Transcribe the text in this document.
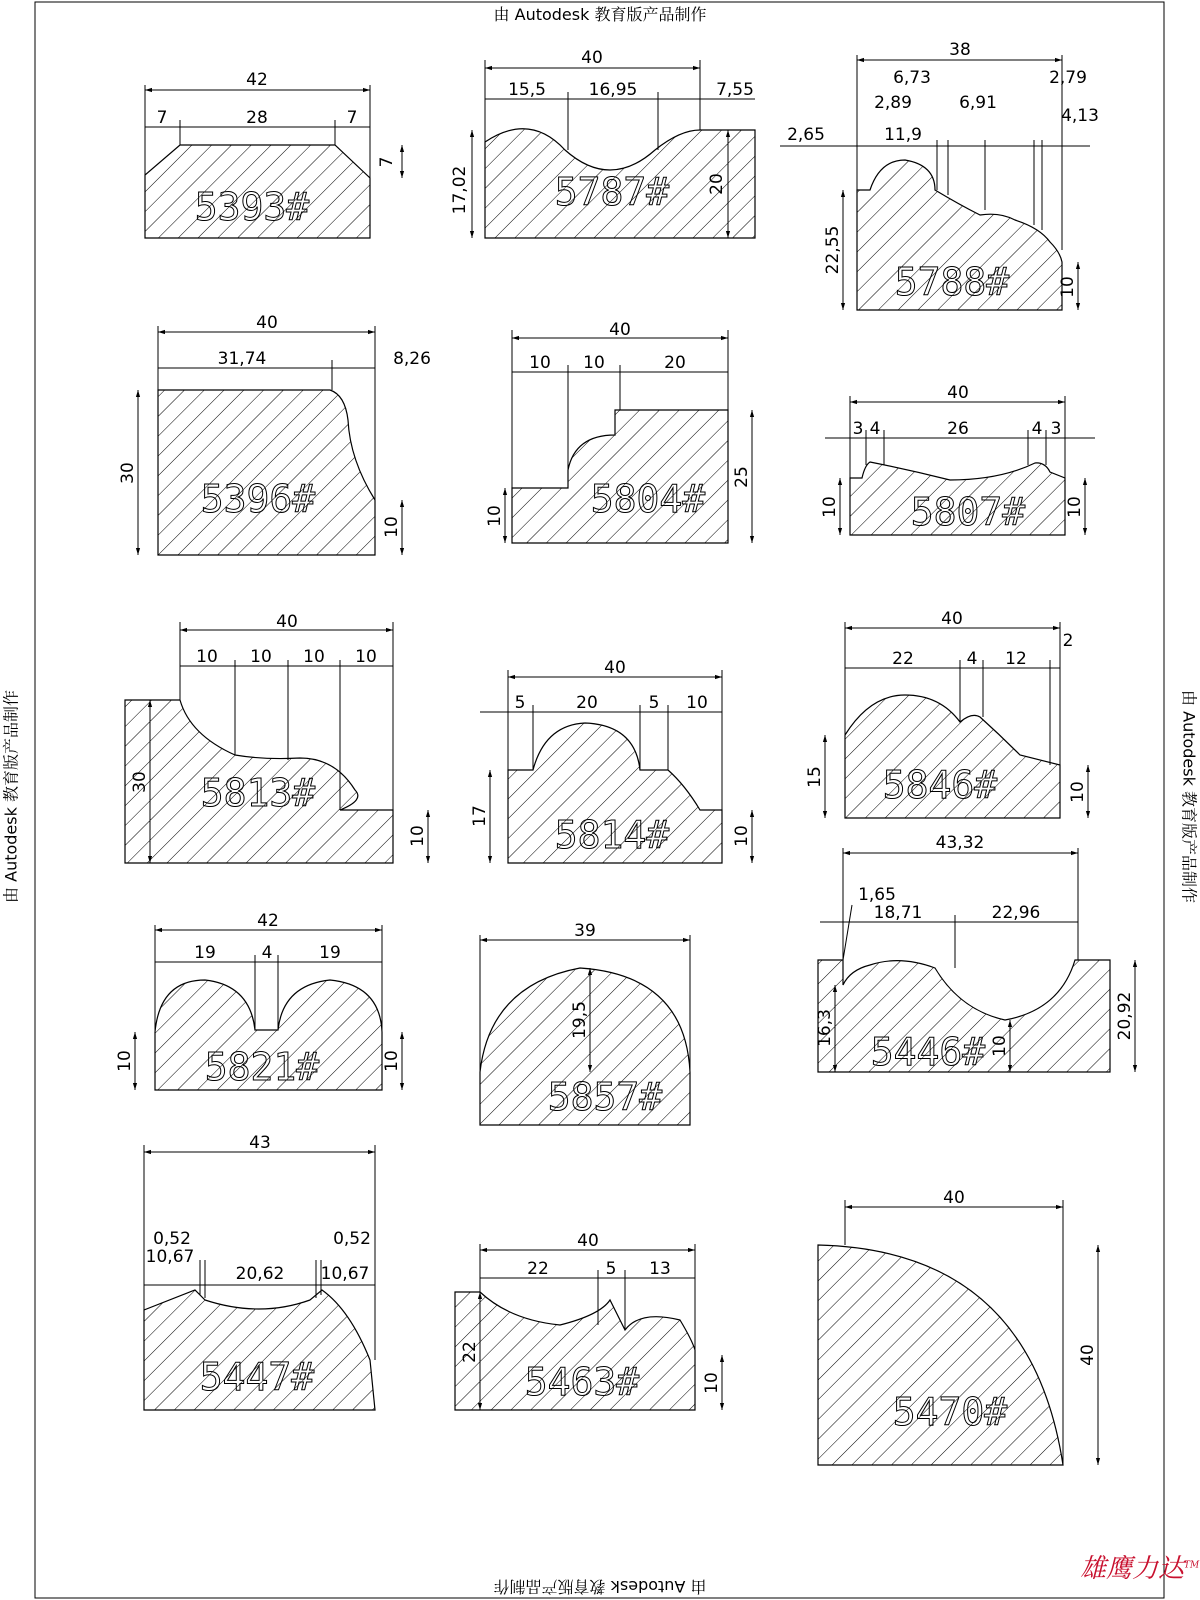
5393#	5787#
5788#
5396#	5804#	5807#
5813#
5814#
5846#
5821#
5857#
5446#
5447#	5463#
5470#
42
7	28	7
7
40
15,5	16,95	7,55
17,02	20
38
6,73	2,79
2,89	6,91
4,13
2,65	11,9
22,55
10
40
31,74	8,26
30
10
40
10 10	20
25
10
40
3 4	26	4 3
10	10
40
10 10 10 10
30
10
40
5	20	5 10
17
10
40
22	4 12
2
15
10
42
19	4	19
10	10
39
19,5
43,32
1,65
18,71	22,96
16,3	10
20,92
43
0,52
10,67
20,62
0,52
10,67
40
22	5 13
22
10
40
40
由 Autodesk 教育版产品制作
由 Autodesk 教育版产品制作
由 Autodesk 教育版产品制作	由 Autodesk 教育版产品制作
雄鹰力达™
